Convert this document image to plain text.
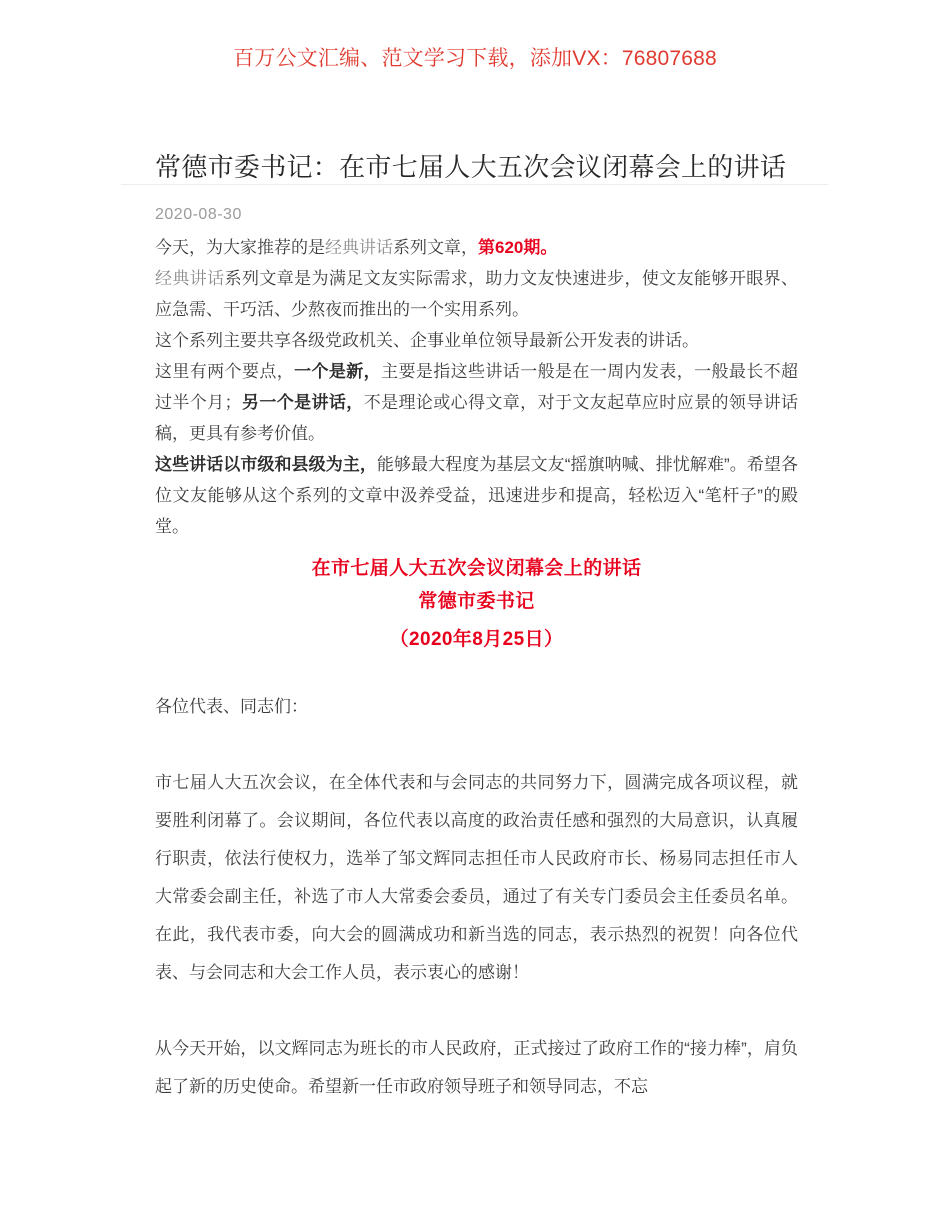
百万公文汇编、范文学习下载，添加VX：76807688
常德市委书记：在市七届人大五次会议闭幕会上的讲话
2020-08-30

今天，为大家推荐的是经典讲话系列文章，第620期。

经典讲话系列文章是为满足文友实际需求，助力文友快速进步，使文友能够开眼界、应急需、干巧活、少熬夜而推出的一个实用系列。

这个系列主要共享各级党政机关、企事业单位领导最新公开发表的讲话。

这里有两个要点，一个是新，主要是指这些讲话一般是在一周内发表，一般最长不超过半个月；另一个是讲话，不是理论或心得文章，对于文友起草应时应景的领导讲话稿，更具有参考价值。

这些讲话以市级和县级为主，能够最大程度为基层文友“摇旗呐喊、排忧解难”。希望各位文友能够从这个系列的文章中汲养受益，迅速进步和提高，轻松迈入“笔杆子”的殿堂。

在市七届人大五次会议闭幕会上的讲话
常德市委书记
（2020年8月25日）

各位代表、同志们：

市七届人大五次会议，在全体代表和与会同志的共同努力下，圆满完成各项议程，就要胜利闭幕了。会议期间，各位代表以高度的政治责任感和强烈的大局意识，认真履行职责，依法行使权力，选举了邹文辉同志担任市人民政府市长、杨易同志担任市人大常委会副主任，补选了市人大常委会委员，通过了有关专门委员会主任委员名单。在此，我代表市委，向大会的圆满成功和新当选的同志，表示热烈的祝贺！向各位代表、与会同志和大会工作人员，表示衷心的感谢！

从今天开始，以文辉同志为班长的市人民政府，正式接过了政府工作的“接力棒”，肩负起了新的历史使命。希望新一任市政府领导班子和领导同志，不忘
